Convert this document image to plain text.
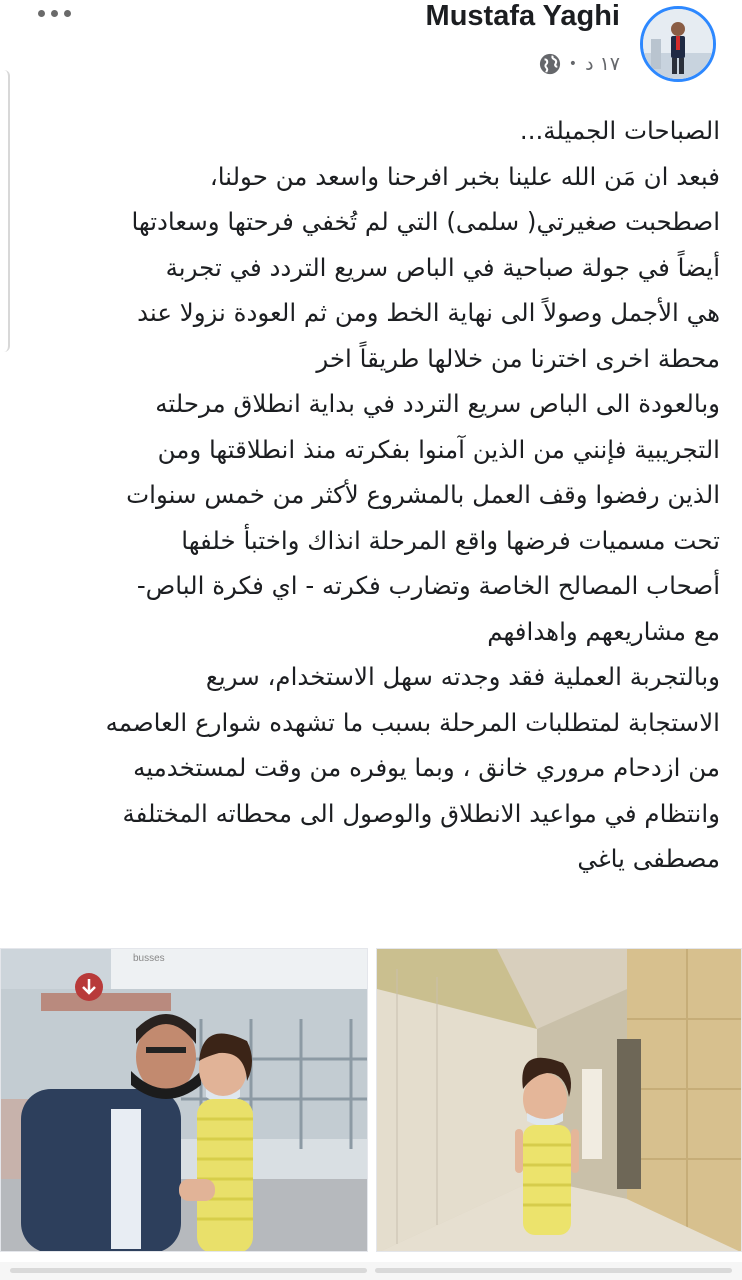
Mustafa Yaghi
• ١٧ د
الصباحات الجميلة...
فبعد ان مَن الله علينا بخبر افرحنا واسعد من حولنا،
اصطحبت صغيرتي( سلمى) التي لم تُخفي فرحتها وسعادتها
أيضاً في جولة صباحية في الباص سريع التردد في تجربة
هي الأجمل وصولاً الى نهاية الخط ومن ثم العودة نزولا عند
محطة اخرى اخترنا من خلالها طريقاً اخر
وبالعودة الى الباص سريع التردد في بداية انطلاق مرحلته
التجريبية فإنني من الذين آمنوا بفكرته منذ انطلاقتها ومن
الذين رفضوا وقف العمل بالمشروع لأكثر من خمس سنوات
تحت مسميات فرضها واقع المرحلة انذاك واختبأ خلفها
أصحاب المصالح الخاصة وتضارب فكرته - اي فكرة الباص-
مع مشاريعهم واهدافهم
وبالتجربة العملية فقد وجدته سهل الاستخدام، سريع
الاستجابة لمتطلبات المرحلة بسبب ما تشهده شوارع العاصمه
من ازدحام مروري خانق ، وبما يوفره من وقت لمستخدميه
وانتظام في مواعيد الانطلاق والوصول الى محطاته المختلفة
مصطفى ياغي
busses
